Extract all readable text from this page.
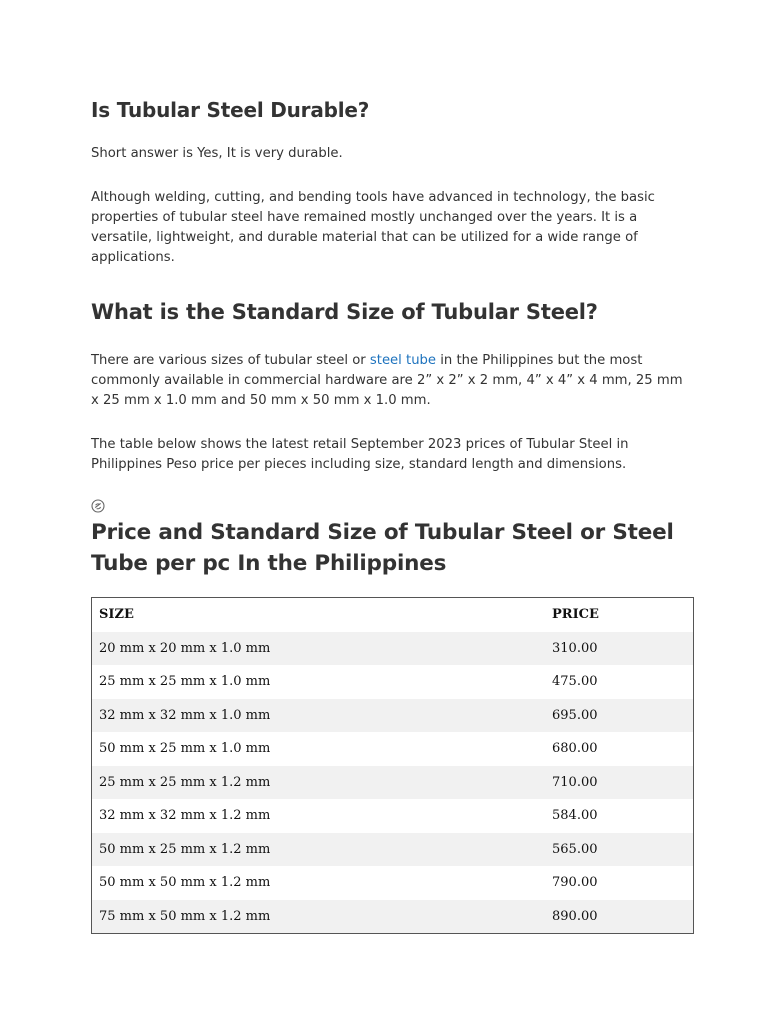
Is Tubular Steel Durable?

Short answer is Yes, It is very durable.

Although welding, cutting, and bending tools have advanced in technology, the basic properties of tubular steel have remained mostly unchanged over the years. It is a versatile, lightweight, and durable material that can be utilized for a wide range of applications.

What is the Standard Size of Tubular Steel?

There are various sizes of tubular steel or steel tube in the Philippines but the most commonly available in commercial hardware are 2” x 2” x 2 mm, 4” x 4” x 4 mm, 25 mm x 25 mm x 1.0 mm and 50 mm x 50 mm x 1.0 mm.

The table below shows the latest retail September 2023 prices of Tubular Steel in Philippines Peso price per pieces including size, standard length and dimensions.

Price and Standard Size of Tubular Steel or Steel Tube per pc In the Philippines
SIZE	PRICE
20 mm x 20 mm x 1.0 mm	310.00
25 mm x 25 mm x 1.0 mm	475.00
32 mm x 32 mm x 1.0 mm	695.00
50 mm x 25 mm x 1.0 mm	680.00
25 mm x 25 mm x 1.2 mm	710.00
32 mm x 32 mm x 1.2 mm	584.00
50 mm x 25 mm x 1.2 mm	565.00
50 mm x 50 mm x 1.2 mm	790.00
75 mm x 50 mm x 1.2 mm	890.00
